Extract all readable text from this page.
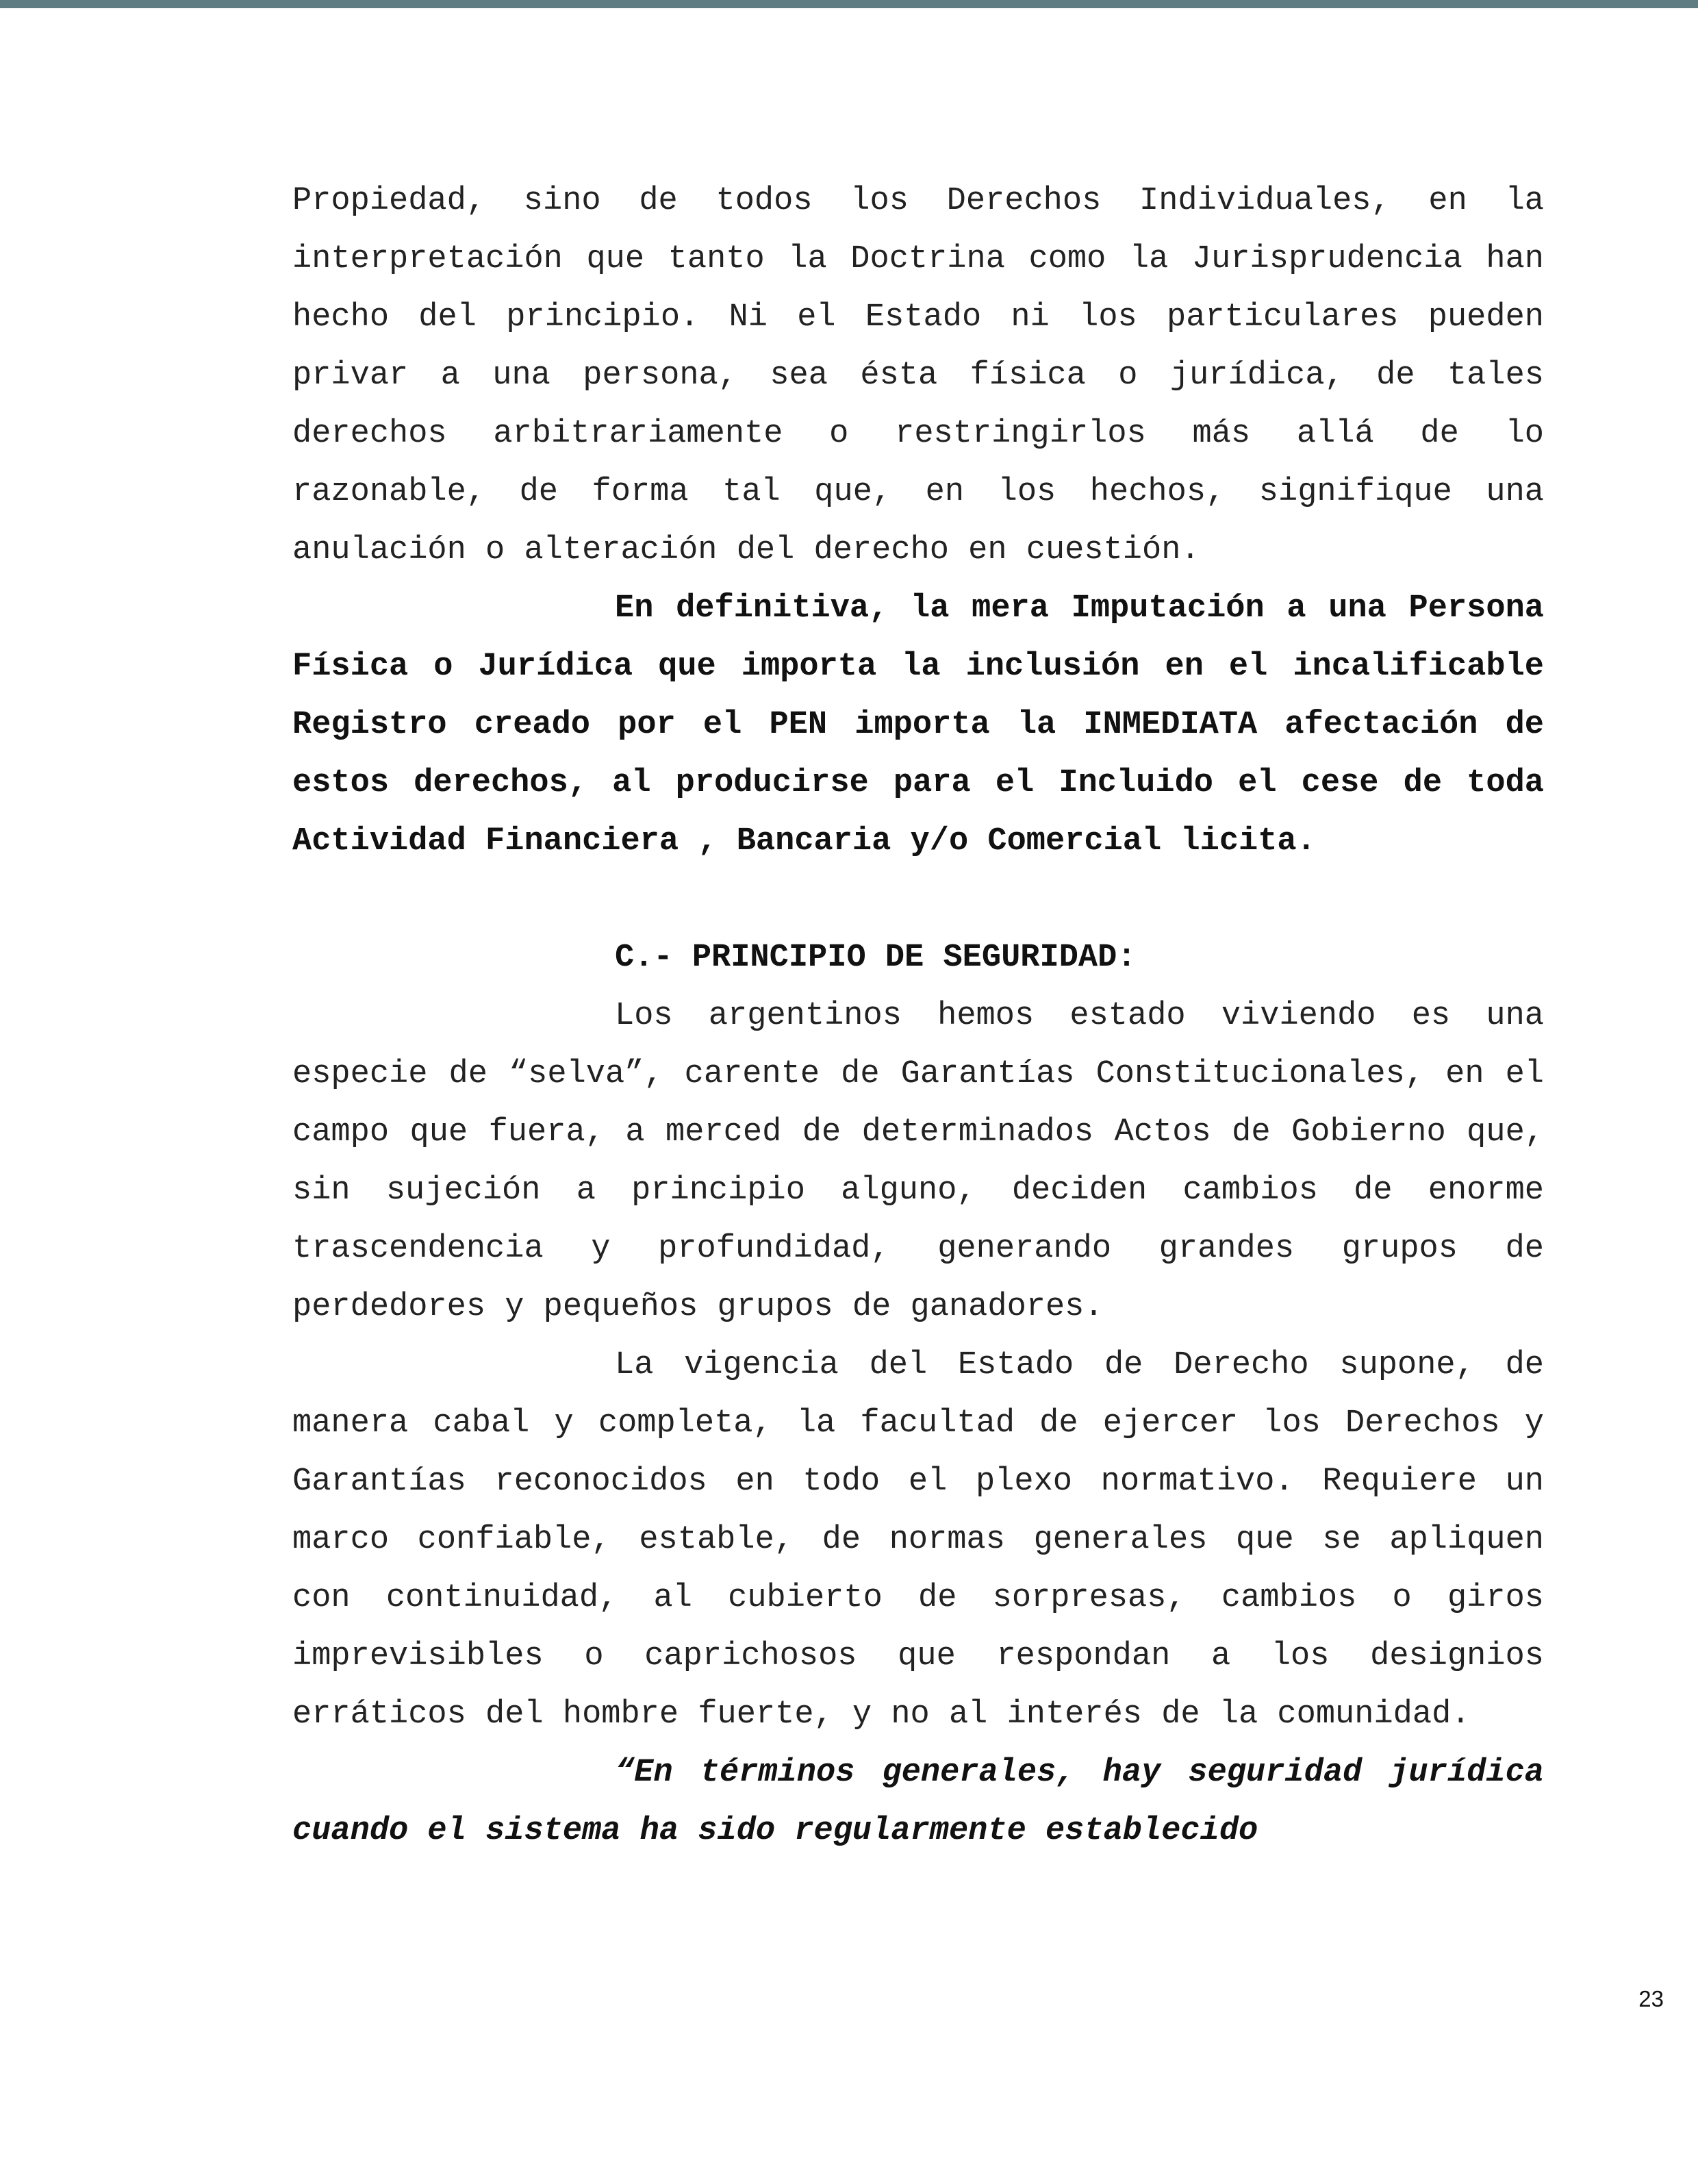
Propiedad, sino de todos los Derechos Individuales, en la interpretación que tanto la Doctrina como la Jurisprudencia han hecho del principio. Ni el Estado ni los particulares pueden privar a una persona, sea ésta física o jurídica, de tales derechos arbitrariamente o restringirlos más allá de lo razonable, de forma tal que, en los hechos, signifique una anulación o alteración del derecho en cuestión.

En definitiva, la mera Imputación a una Persona Física o Jurídica que importa la inclusión en el incalificable Registro creado por el PEN importa la INMEDIATA afectación de estos derechos, al producirse para el Incluido el cese de toda Actividad Financiera , Bancaria y/o Comercial licita.

C.- PRINCIPIO DE SEGURIDAD:

Los argentinos hemos estado viviendo es una especie de “selva”, carente de Garantías Constitucionales, en el campo que fuera, a merced de determinados Actos de Gobierno que, sin sujeción a principio alguno, deciden cambios de enorme trascendencia y profundidad, generando grandes grupos de perdedores y pequeños grupos de ganadores.

La vigencia del Estado de Derecho supone, de manera cabal y completa, la facultad de ejercer los Derechos y Garantías reconocidos en todo el plexo normativo. Requiere un marco confiable, estable, de normas generales que se apliquen con continuidad, al cubierto de sorpresas, cambios o giros imprevisibles o caprichosos que respondan a los designios erráticos del hombre fuerte, y no al interés de la comunidad.

“En términos generales, hay seguridad jurídica cuando el sistema ha sido regularmente establecido

23
